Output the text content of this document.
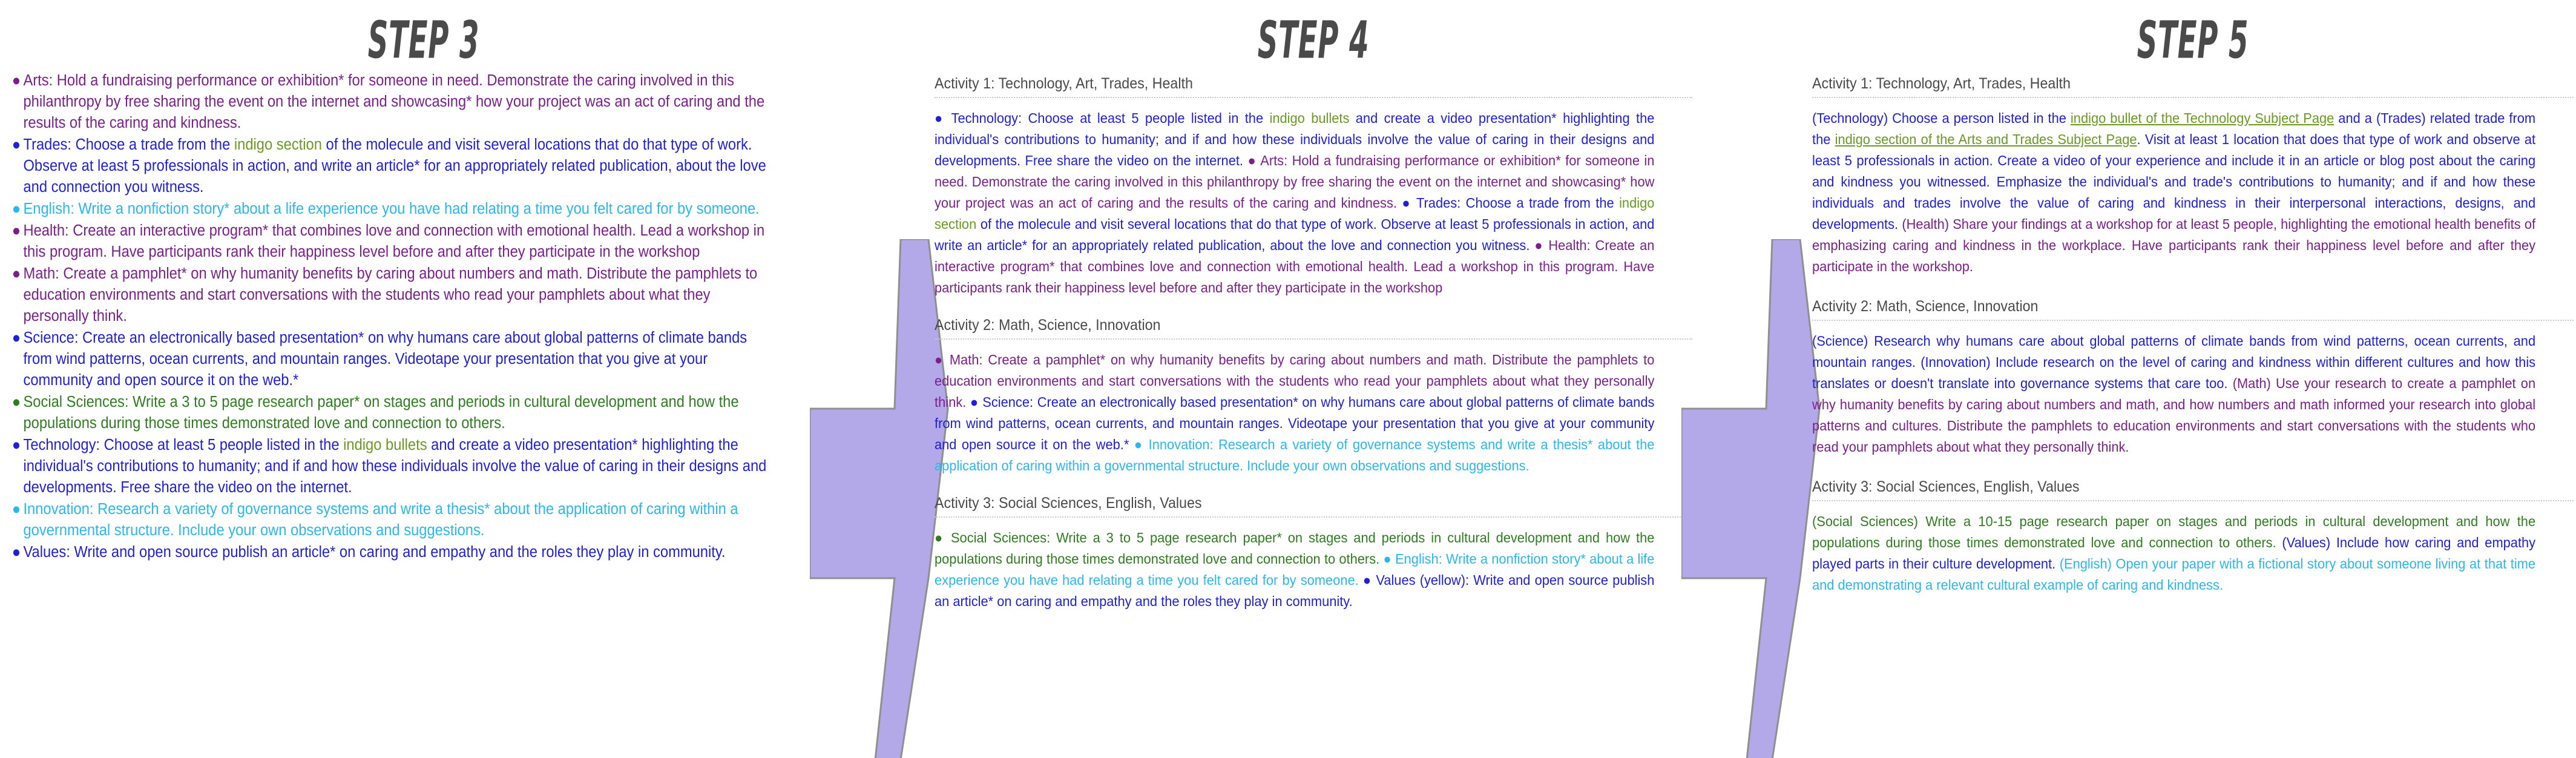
STEP 3

● Arts: Hold a fundraising performance or exhibition* for someone in need. Demonstrate the caring involved in this philanthropy by free sharing the event on the internet and showcasing* how your project was an act of caring and the results of the caring and kindness.

● Trades: Choose a trade from the indigo section of the molecule and visit several locations that do that type of work. Observe at least 5 professionals in action, and write an article* for an appropriately related publication, about the love and connection you witness.

● English: Write a nonfiction story* about a life experience you have had relating a time you felt cared for by someone.

● Health: Create an interactive program* that combines love and connection with emotional health. Lead a workshop in this program. Have participants rank their happiness level before and after they participate in the workshop

● Math: Create a pamphlet* on why humanity benefits by caring about numbers and math. Distribute the pamphlets to education environments and start conversations with the students who read your pamphlets about what they personally think.

● Science: Create an electronically based presentation* on why humans care about global patterns of climate bands from wind patterns, ocean currents, and mountain ranges. Videotape your presentation that you give at your community and open source it on the web.*

● Social Sciences: Write a 3 to 5 page research paper* on stages and periods in cultural development and how the populations during those times demonstrated love and connection to others.

● Technology: Choose at least 5 people listed in the indigo bullets and create a video presentation* highlighting the individual's contributions to humanity; and if and how these individuals involve the value of caring in their designs and developments. Free share the video on the internet.

● Innovation: Research a variety of governance systems and write a thesis* about the application of caring within a governmental structure. Include your own observations and suggestions.

● Values: Write and open source publish an article* on caring and empathy and the roles they play in community.

STEP 4
Activity 1: Technology, Art, Trades, Health

● Technology: Choose at least 5 people listed in the indigo bullets and create a video presentation* highlighting the individual's contributions to humanity; and if and how these individuals involve the value of caring in their designs and developments. Free share the video on the internet. ● Arts: Hold a fundraising performance or exhibition* for someone in need. Demonstrate the caring involved in this philanthropy by free sharing the event on the internet and showcasing* how your project was an act of caring and the results of the caring and kindness. ● Trades: Choose a trade from the indigo section of the molecule and visit several locations that do that type of work. Observe at least 5 professionals in action, and write an article* for an appropriately related publication, about the love and connection you witness. ● Health: Create an interactive program* that combines love and connection with emotional health. Lead a workshop in this program. Have participants rank their happiness level before and after they participate in the workshop

Activity 2: Math, Science, Innovation

● Math: Create a pamphlet* on why humanity benefits by caring about numbers and math. Distribute the pamphlets to education environments and start conversations with the students who read your pamphlets about what they personally think. ● Science: Create an electronically based presentation* on why humans care about global patterns of climate bands from wind patterns, ocean currents, and mountain ranges. Videotape your presentation that you give at your community and open source it on the web.* ● Innovation: Research a variety of governance systems and write a thesis* about the application of caring within a governmental structure. Include your own observations and suggestions.

Activity 3: Social Sciences, English, Values

● Social Sciences: Write a 3 to 5 page research paper* on stages and periods in cultural development and how the populations during those times demonstrated love and connection to others. ● English: Write a nonfiction story* about a life experience you have had relating a time you felt cared for by someone. ● Values (yellow): Write and open source publish an article* on caring and empathy and the roles they play in community.

STEP 5
Activity 1: Technology, Art, Trades, Health

(Technology) Choose a person listed in the indigo bullet of the Technology Subject Page and a (Trades) related trade from the indigo section of the Arts and Trades Subject Page. Visit at least 1 location that does that type of work and observe at least 5 professionals in action. Create a video of your experience and include it in an article or blog post about the caring and kindness you witnessed. Emphasize the individual's and trade's contributions to humanity; and if and how these individuals and trades involve the value of caring and kindness in their interpersonal interactions, designs, and developments. (Health) Share your findings at a workshop for at least 5 people, highlighting the emotional health benefits of emphasizing caring and kindness in the workplace. Have participants rank their happiness level before and after they participate in the workshop.

Activity 2: Math, Science, Innovation

(Science) Research why humans care about global patterns of climate bands from wind patterns, ocean currents, and mountain ranges. (Innovation) Include research on the level of caring and kindness within different cultures and how this translates or doesn't translate into governance systems that care too. (Math) Use your research to create a pamphlet on why humanity benefits by caring about numbers and math, and how numbers and math informed your research into global patterns and cultures. Distribute the pamphlets to education environments and start conversations with the students who read your pamphlets about what they personally think.

Activity 3: Social Sciences, English, Values

(Social Sciences) Write a 10-15 page research paper on stages and periods in cultural development and how the populations during those times demonstrated love and connection to others. (Values) Include how caring and empathy played parts in their culture development. (English) Open your paper with a fictional story about someone living at that time and demonstrating a relevant cultural example of caring and kindness.
